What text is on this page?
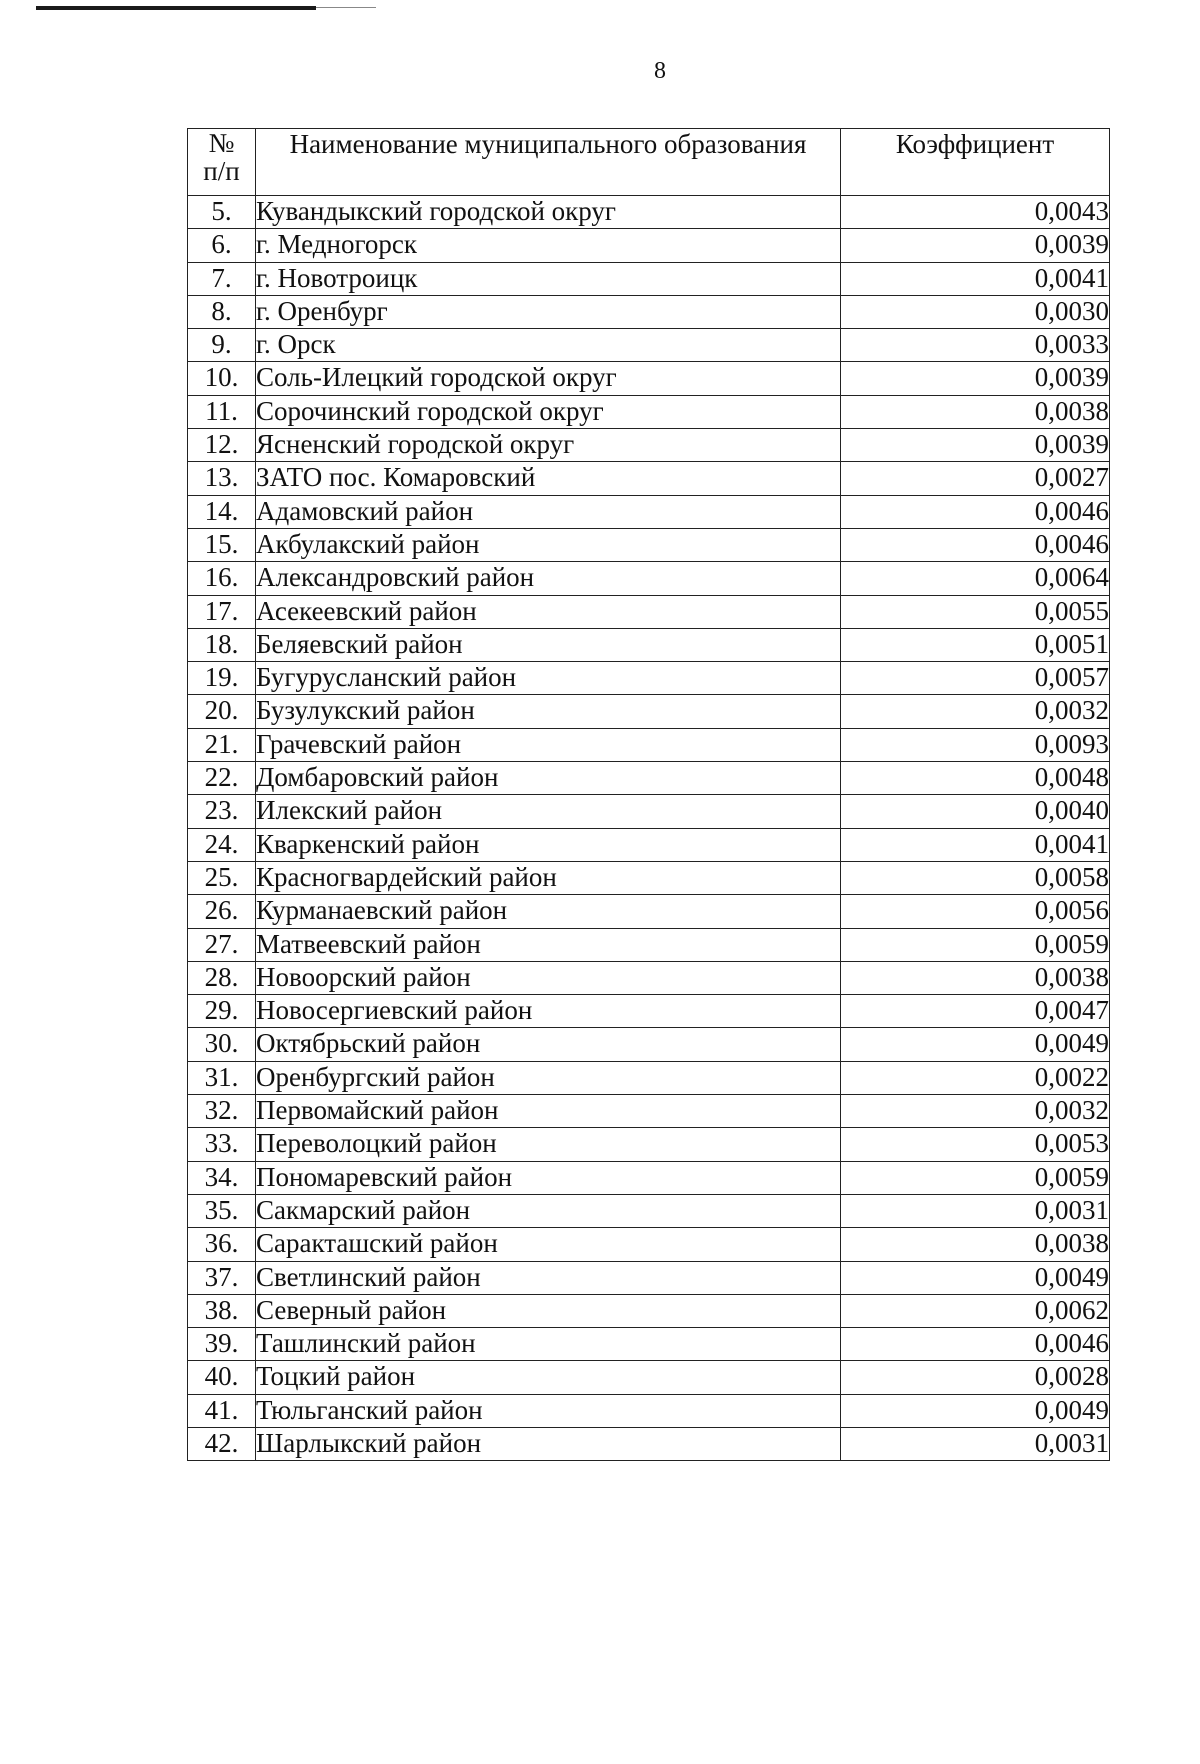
8
№
п/п	Наименование муниципального образования	Коэффициент
5.	Кувандыкский городской округ	0,0043
6.	г. Медногорск	0,0039
7.	г. Новотроицк	0,0041
8.	г. Оренбург	0,0030
9.	г. Орск	0,0033
10.	Соль-Илецкий городской округ	0,0039
11.	Сорочинский городской округ	0,0038
12.	Ясненский городской округ	0,0039
13.	ЗАТО пос. Комаровский	0,0027
14.	Адамовский район	0,0046
15.	Акбулакский район	0,0046
16.	Александровский район	0,0064
17.	Асекеевский район	0,0055
18.	Беляевский район	0,0051
19.	Бугурусланский район	0,0057
20.	Бузулукский район	0,0032
21.	Грачевский район	0,0093
22.	Домбаровский район	0,0048
23.	Илекский район	0,0040
24.	Кваркенский район	0,0041
25.	Красногвардейский район	0,0058
26.	Курманаевский район	0,0056
27.	Матвеевский район	0,0059
28.	Новоорский район	0,0038
29.	Новосергиевский район	0,0047
30.	Октябрьский район	0,0049
31.	Оренбургский район	0,0022
32.	Первомайский район	0,0032
33.	Переволоцкий район	0,0053
34.	Пономаревский район	0,0059
35.	Сакмарский район	0,0031
36.	Саракташский район	0,0038
37.	Светлинский район	0,0049
38.	Северный район	0,0062
39.	Ташлинский район	0,0046
40.	Тоцкий район	0,0028
41.	Тюльганский район	0,0049
42.	Шарлыкский район	0,0031
